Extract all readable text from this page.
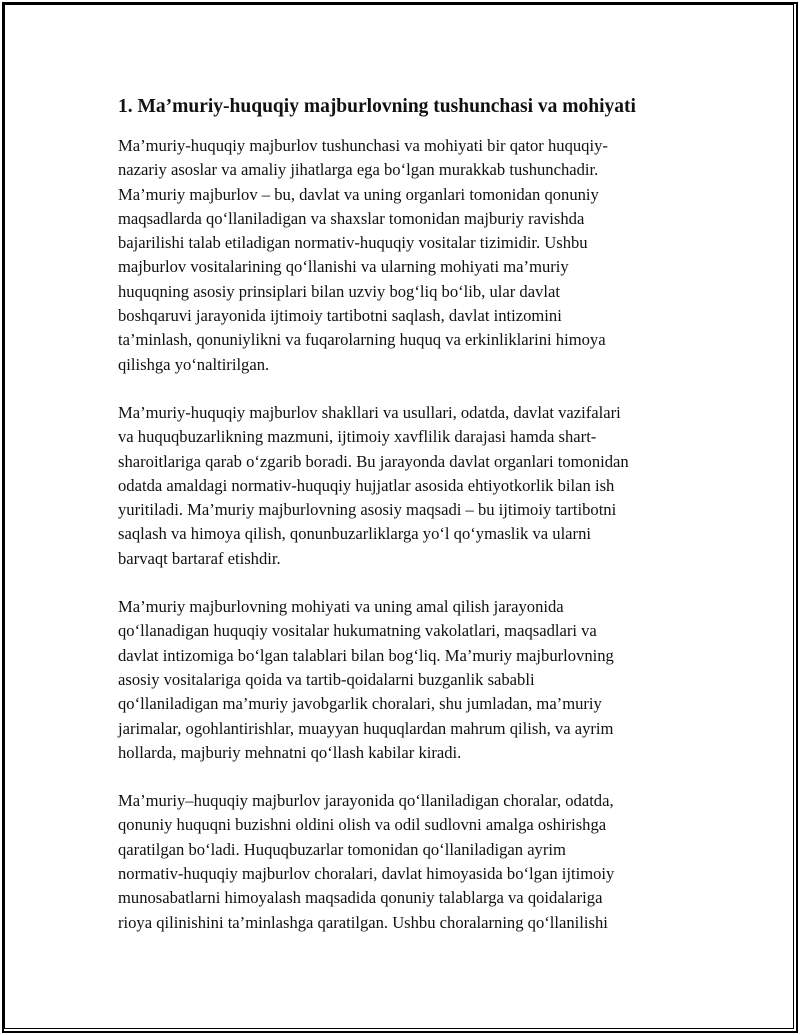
1. Ma’muriy-huquqiy majburlovning tushunchasi va mohiyati

Ma’muriy-huquqiy majburlov tushunchasi va mohiyati bir qator huquqiy-
nazariy asoslar va amaliy jihatlarga ega bo‘lgan murakkab tushunchadir.
Ma’muriy majburlov – bu, davlat va uning organlari tomonidan qonuniy
maqsadlarda qo‘llaniladigan va shaxslar tomonidan majburiy ravishda
bajarilishi talab etiladigan normativ-huquqiy vositalar tizimidir. Ushbu
majburlov vositalarining qo‘llanishi va ularning mohiyati ma’muriy
huquqning asosiy prinsiplari bilan uzviy bog‘liq bo‘lib, ular davlat
boshqaruvi jarayonida ijtimoiy tartibotni saqlash, davlat intizomini
ta’minlash, qonuniylikni va fuqarolarning huquq va erkinliklarini himoya
qilishga yo‘naltirilgan.

Ma’muriy-huquqiy majburlov shakllari va usullari, odatda, davlat vazifalari
va huquqbuzarlikning mazmuni, ijtimoiy xavflilik darajasi hamda shart-
sharoitlariga qarab o‘zgarib boradi. Bu jarayonda davlat organlari tomonidan
odatda amaldagi normativ-huquqiy hujjatlar asosida ehtiyotkorlik bilan ish
yuritiladi. Ma’muriy majburlovning asosiy maqsadi – bu ijtimoiy tartibotni
saqlash va himoya qilish, qonunbuzarliklarga yo‘l qo‘ymaslik va ularni
barvaqt bartaraf etishdir.

Ma’muriy majburlovning mohiyati va uning amal qilish jarayonida
qo‘llanadigan huquqiy vositalar hukumatning vakolatlari, maqsadlari va
davlat intizomiga bo‘lgan talablari bilan bog‘liq. Ma’muriy majburlovning
asosiy vositalariga qoida va tartib-qoidalarni buzganlik sababli
qo‘llaniladigan ma’muriy javobgarlik choralari, shu jumladan, ma’muriy
jarimalar, ogohlantirishlar, muayyan huquqlardan mahrum qilish, va ayrim
hollarda, majburiy mehnatni qo‘llash kabilar kiradi.

Ma’muriy–huquqiy majburlov jarayonida qo‘llaniladigan choralar, odatda,
qonuniy huquqni buzishni oldini olish va odil sudlovni amalga oshirishga
qaratilgan bo‘ladi. Huquqbuzarlar tomonidan qo‘llaniladigan ayrim
normativ-huquqiy majburlov choralari, davlat himoyasida bo‘lgan ijtimoiy
munosabatlarni himoyalash maqsadida qonuniy talablarga va qoidalariga
rioya qilinishini ta’minlashga qaratilgan. Ushbu choralarning qo‘llanilishi
